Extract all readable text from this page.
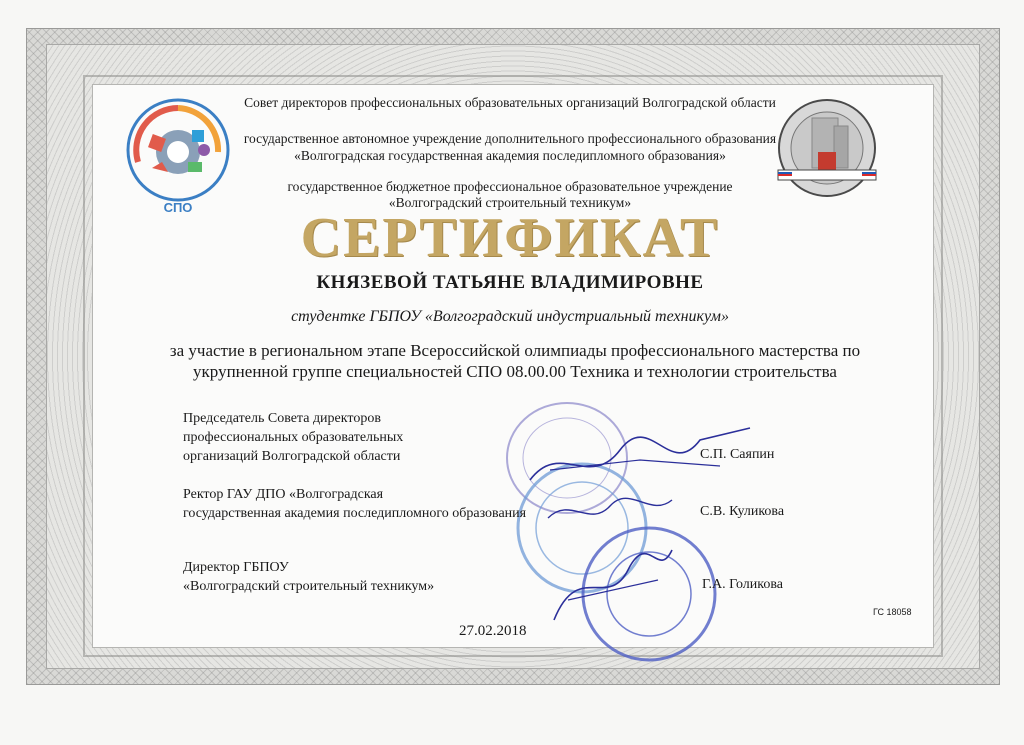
СПО
Совет директоров профессиональных образовательных организаций Волгоградской области
государственное автономное учреждение дополнительного профессионального образования
«Волгоградская государственная академия последипломного образования»
государственное бюджетное профессиональное образовательное учреждение
«Волгоградский строительный техникум»
СЕРТИФИКАТ
КНЯЗЕВОЙ ТАТЬЯНЕ ВЛАДИМИРОВНЕ
студентке ГБПОУ «Волгоградский индустриальный техникум»
за участие в региональном этапе Всероссийской олимпиады профессионального мастерства по
укрупненной группе специальностей СПО 08.00.00 Техника и технологии строительства
Председатель Совета директоров
профессиональных образовательных
организаций Волгоградской области	С.П. Саяпин
Ректор ГАУ ДПО «Волгоградская
государственная академия последипломного образования	С.В. Куликова
Директор ГБПОУ
«Волгоградский строительный техникум»	Г.А. Голикова
27.02.2018
ГС 18058
